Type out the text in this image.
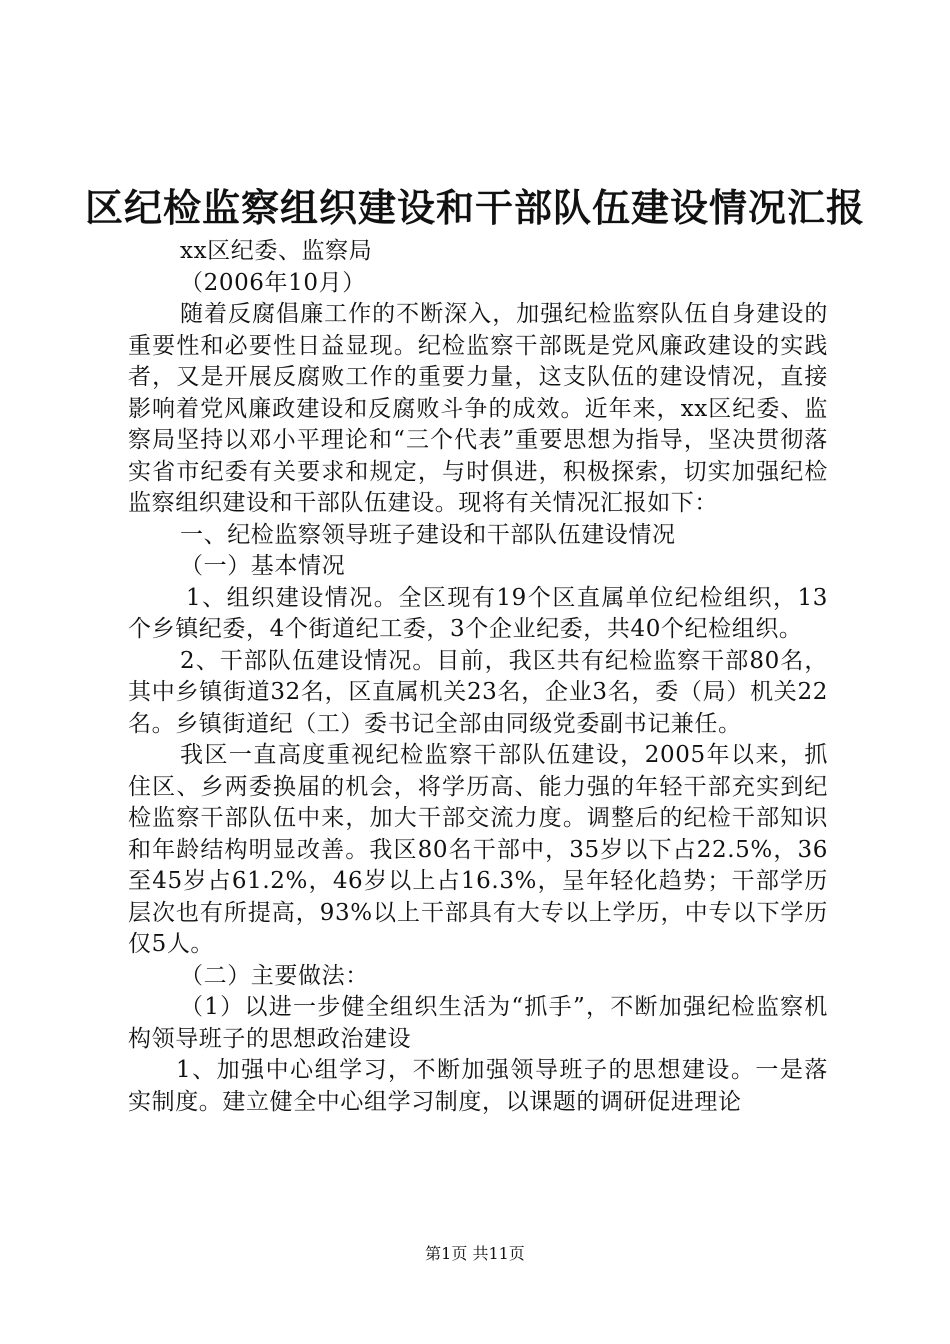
区纪检监察组织建设和干部队伍建设情况汇报

xx区纪委、监察局

（2006年10月）

随着反腐倡廉工作的不断深入，加强纪检监察队伍自身建设的重要性和必要性日益显现。纪检监察干部既是党风廉政建设的实践者，又是开展反腐败工作的重要力量，这支队伍的建设情况，直接影响着党风廉政建设和反腐败斗争的成效。近年来，xx区纪委、监察局坚持以邓小平理论和“三个代表”重要思想为指导，坚决贯彻落实省市纪委有关要求和规定，与时俱进，积极探索，切实加强纪检监察组织建设和干部队伍建设。现将有关情况汇报如下：

一、纪检监察领导班子建设和干部队伍建设情况

（一）基本情况

1、组织建设情况。全区现有19个区直属单位纪检组织，13个乡镇纪委，4个街道纪工委，3个企业纪委，共40个纪检组织。

2、干部队伍建设情况。目前，我区共有纪检监察干部80名，其中乡镇街道32名，区直属机关23名，企业3名，委（局）机关22名。乡镇街道纪（工）委书记全部由同级党委副书记兼任。

我区一直高度重视纪检监察干部队伍建设，2005年以来，抓住区、乡两委换届的机会，将学历高、能力强的年轻干部充实到纪检监察干部队伍中来，加大干部交流力度。调整后的纪检干部知识和年龄结构明显改善。我区80名干部中，35岁以下占22.5%，36至45岁占61.2%，46岁以上占16.3%，呈年轻化趋势；干部学历层次也有所提高，93%以上干部具有大专以上学历，中专以下学历仅5人。

（二）主要做法：

（1）以进一步健全组织生活为“抓手”，不断加强纪检监察机构领导班子的思想政治建设

1、加强中心组学习，不断加强领导班子的思想建设。一是落实制度。建立健全中心组学习制度，以课题的调研促进理论

第1页 共11页
